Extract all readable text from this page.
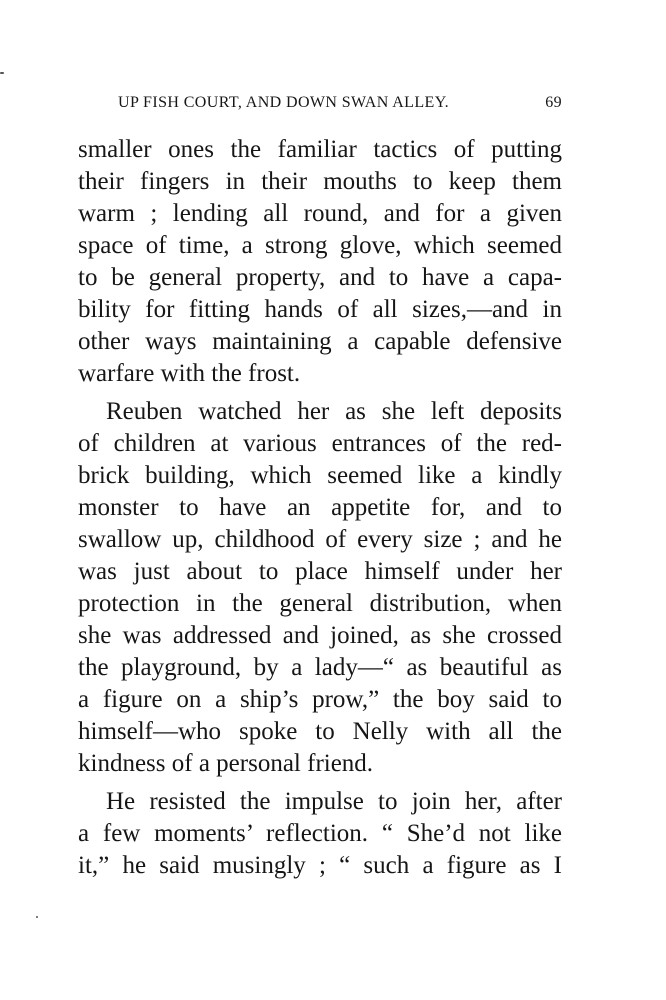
UP FISH COURT, AND DOWN SWAN ALLEY.	69
smaller ones the familiar tactics of putting
their fingers in their mouths to keep them
warm ; lending all round, and for a given
space of time, a strong glove, which seemed
to be general property, and to have a capa-
bility for fitting hands of all sizes,—and in
other ways maintaining a capable defensive
warfare with the frost.
Reuben watched her as she left deposits
of children at various entrances of the red-
brick building, which seemed like a kindly
monster to have an appetite for, and to
swallow up, childhood of every size ; and he
was just about to place himself under her
protection in the general distribution, when
she was addressed and joined, as she crossed
the playground, by a lady—“ as beautiful as
a figure on a ship’s prow,” the boy said to
himself—who spoke to Nelly with all the
kindness of a personal friend.
He resisted the impulse to join her, after
a few moments’ reflection. “ She’d not like
it,” he said musingly ; “ such a figure as I
